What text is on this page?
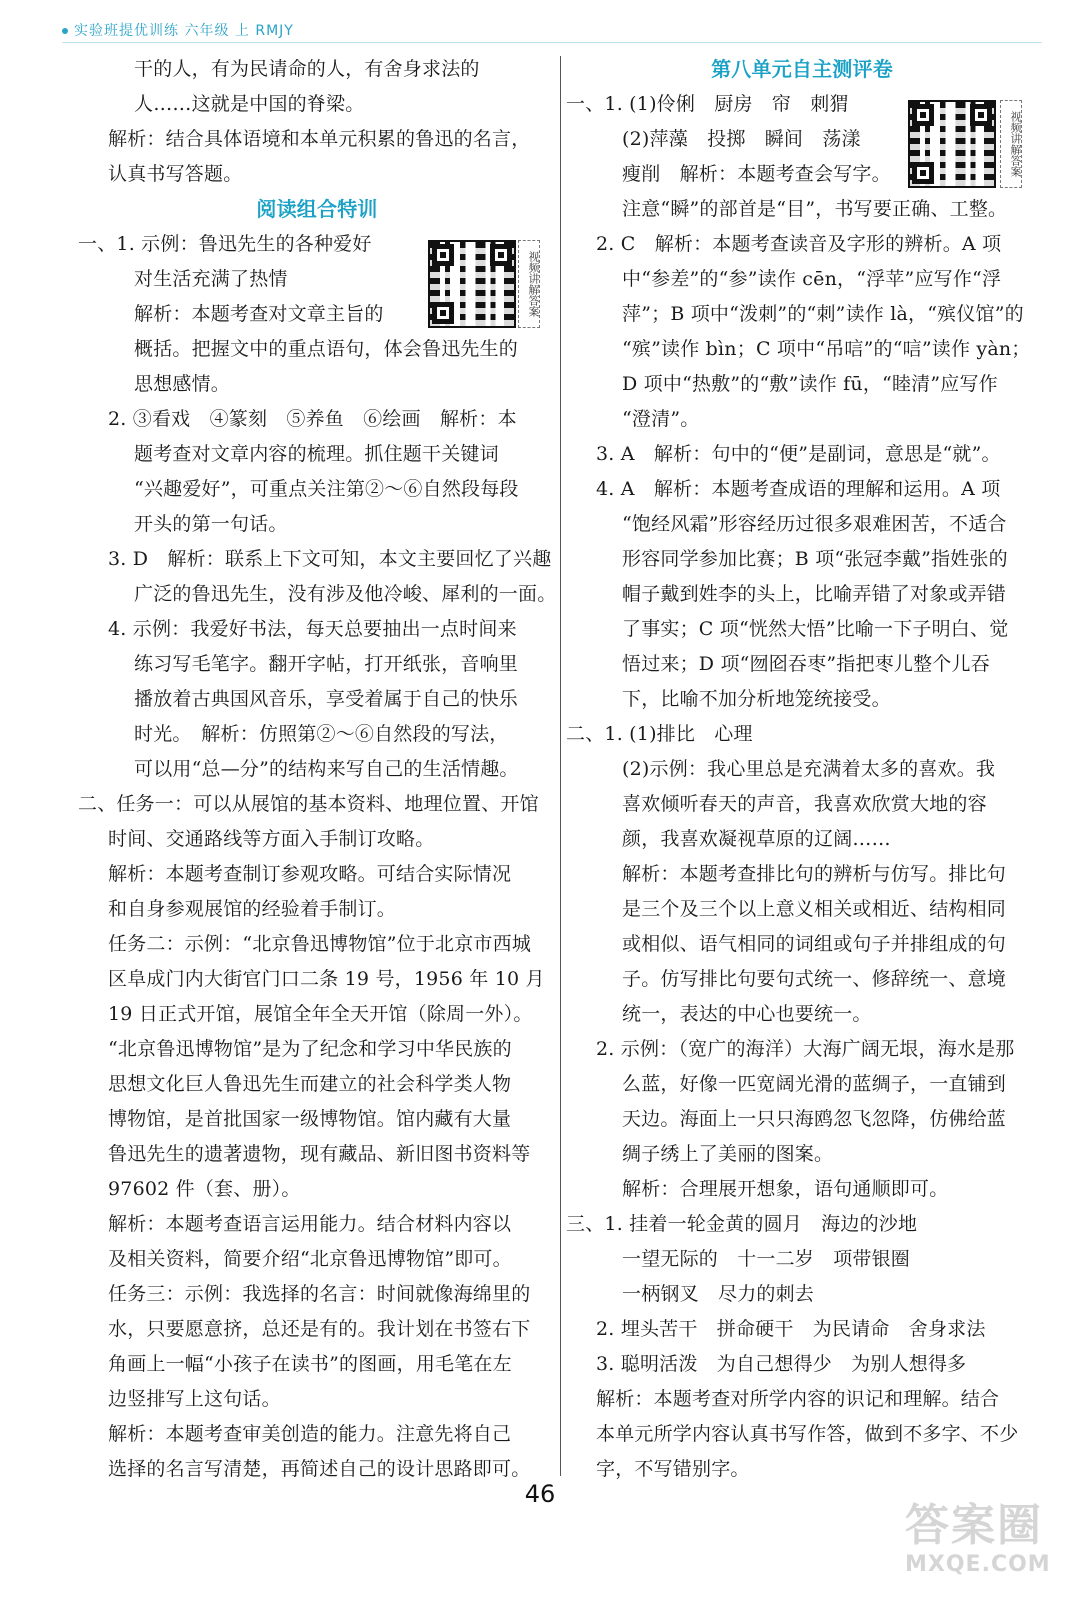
实验班提优训练 六年级 上 RMJY
干的人，有为民请命的人，有舍身求法的
人……这就是中国的脊梁。
解析：结合具体语境和本单元积累的鲁迅的名言，
认真书写答题。
阅读组合特训
一、1. 示例：鲁迅先生的各种爱好
对生活充满了热情
解析：本题考查对文章主旨的
概括。把握文中的重点语句，体会鲁迅先生的
思想感情。
2. ③看戏　④篆刻　⑤养鱼　⑥绘画　解析：本
题考查对文章内容的梳理。抓住题干关键词
“兴趣爱好”，可重点关注第②～⑥自然段每段
开头的第一句话。
3. D　解析：联系上下文可知，本文主要回忆了兴趣
广泛的鲁迅先生，没有涉及他冷峻、犀利的一面。
4. 示例：我爱好书法，每天总要抽出一点时间来
练习写毛笔字。翻开字帖，打开纸张，音响里
播放着古典国风音乐，享受着属于自己的快乐
时光。　解析：仿照第②～⑥自然段的写法，
可以用“总—分”的结构来写自己的生活情趣。
二、任务一：可以从展馆的基本资料、地理位置、开馆
时间、交通路线等方面入手制订攻略。
解析：本题考查制订参观攻略。可结合实际情况
和自身参观展馆的经验着手制订。
任务二：示例：“北京鲁迅博物馆”位于北京市西城
区阜成门内大街官门口二条 19 号，1956 年 10 月
19 日正式开馆，展馆全年全天开馆（除周一外）。
“北京鲁迅博物馆”是为了纪念和学习中华民族的
思想文化巨人鲁迅先生而建立的社会科学类人物
博物馆，是首批国家一级博物馆。馆内藏有大量
鲁迅先生的遗著遗物，现有藏品、新旧图书资料等
97602 件（套、册）。
解析：本题考查语言运用能力。结合材料内容以
及相关资料，简要介绍“北京鲁迅博物馆”即可。
任务三：示例：我选择的名言：时间就像海绵里的
水，只要愿意挤，总还是有的。我计划在书签右下
角画上一幅“小孩子在读书”的图画，用毛笔在左
边竖排写上这句话。
解析：本题考查审美创造的能力。注意先将自己
选择的名言写清楚，再简述自己的设计思路即可。
第八单元自主测评卷
一、1. (1)伶俐　厨房　帘　刺猬
(2)萍藻　投掷　瞬间　荡漾
瘦削　解析：本题考查会写字。
注意“瞬”的部首是“目”，书写要正确、工整。
2. C　解析：本题考查读音及字形的辨析。A 项
中“参差”的“参”读作 cēn，“浮苹”应写作“浮
萍”；B 项中“泼刺”的“刺”读作 là，“殡仪馆”的
“殡”读作 bìn；C 项中“吊唁”的“唁”读作 yàn；
D 项中“热敷”的“敷”读作 fū，“睦清”应写作
“澄清”。
3. A　解析：句中的“便”是副词，意思是“就”。
4. A　解析：本题考查成语的理解和运用。A 项
“饱经风霜”形容经历过很多艰难困苦，不适合
形容同学参加比赛；B 项“张冠李戴”指姓张的
帽子戴到姓李的头上，比喻弄错了对象或弄错
了事实；C 项“恍然大悟”比喻一下子明白、觉
悟过来；D 项“囫囵吞枣”指把枣儿整个儿吞
下，比喻不加分析地笼统接受。
二、1. (1)排比　心理
(2)示例：我心里总是充满着太多的喜欢。我
喜欢倾听春天的声音，我喜欢欣赏大地的容
颜，我喜欢凝视草原的辽阔……
解析：本题考查排比句的辨析与仿写。排比句
是三个及三个以上意义相关或相近、结构相同
或相似、语气相同的词组或句子并排组成的句
子。仿写排比句要句式统一、修辞统一、意境
统一，表达的中心也要统一。
2. 示例：（宽广的海洋）大海广阔无垠，海水是那
么蓝，好像一匹宽阔光滑的蓝绸子，一直铺到
天边。海面上一只只海鸥忽飞忽降，仿佛给蓝
绸子绣上了美丽的图案。
解析：合理展开想象，语句通顺即可。
三、1. 挂着一轮金黄的圆月　海边的沙地
一望无际的　十一二岁　项带银圈
一柄钢叉　尽力的刺去
2. 埋头苦干　拼命硬干　为民请命　舍身求法
3. 聪明活泼　为自己想得少　为别人想得多
解析：本题考查对所学内容的识记和理解。结合
本单元所学内容认真书写作答，做到不多字、不少
字，不写错别字。
视频讲解答案
视频讲解答案
46
答案圈
MXQE.COM
